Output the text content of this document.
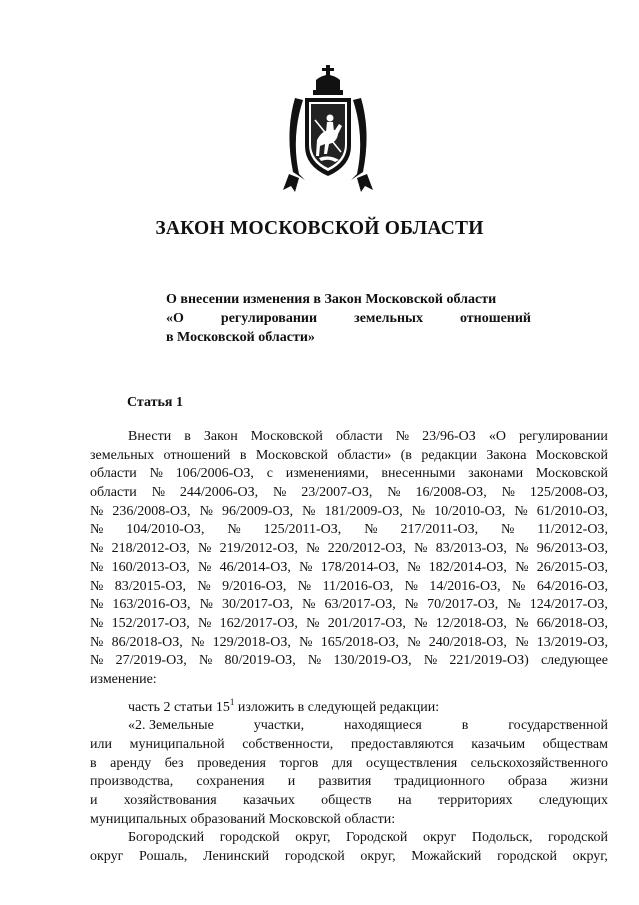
ЗАКОН МОСКОВСКОЙ ОБЛАСТИ
О внесении изменения в Закон Московской области
«О	регулировании	земельных	отношений
в Московской области»
Статья 1
Внести в Закон Московской области № 23/96-ОЗ «О регулировании
земельных отношений в Московской области» (в редакции Закона Московской
области № 106/2006-ОЗ, с изменениями, внесенными законами Московской
области № 244/2006-ОЗ, № 23/2007-ОЗ, № 16/2008-ОЗ, № 125/2008-ОЗ,
№ 236/2008-ОЗ, № 96/2009-ОЗ, № 181/2009-ОЗ, № 10/2010-ОЗ, № 61/2010-ОЗ,
№ 104/2010-ОЗ, № 125/2011-ОЗ, № 217/2011-ОЗ, № 11/2012-ОЗ,
№ 218/2012-ОЗ, № 219/2012-ОЗ, № 220/2012-ОЗ, № 83/2013-ОЗ, № 96/2013-ОЗ,
№ 160/2013-ОЗ, № 46/2014-ОЗ, № 178/2014-ОЗ, № 182/2014-ОЗ, № 26/2015-ОЗ,
№ 83/2015-ОЗ, № 9/2016-ОЗ, № 11/2016-ОЗ, № 14/2016-ОЗ, № 64/2016-ОЗ,
№ 163/2016-ОЗ, № 30/2017-ОЗ, № 63/2017-ОЗ, № 70/2017-ОЗ, № 124/2017-ОЗ,
№ 152/2017-ОЗ, № 162/2017-ОЗ, № 201/2017-ОЗ, № 12/2018-ОЗ, № 66/2018-ОЗ,
№ 86/2018-ОЗ, № 129/2018-ОЗ, № 165/2018-ОЗ, № 240/2018-ОЗ, № 13/2019-ОЗ,
№ 27/2019-ОЗ, № 80/2019-ОЗ, № 130/2019-ОЗ, № 221/2019-ОЗ) следующее
изменение:
часть 2 статьи $15^1$ изложить в следующей редакции:
«2. Земельные	участки,	находящиеся	в	государственной
или муниципальной собственности, предоставляются казачьим обществам
в аренду без проведения торгов для осуществления сельскохозяйственного
производства, сохранения и развития традиционного образа жизни
и хозяйствования казачьих обществ на территориях следующих
муниципальных образований Московской области:
Богородский городской округ, Городской округ Подольск, городской
округ Рошаль, Ленинский городской округ, Можайский городской округ,
